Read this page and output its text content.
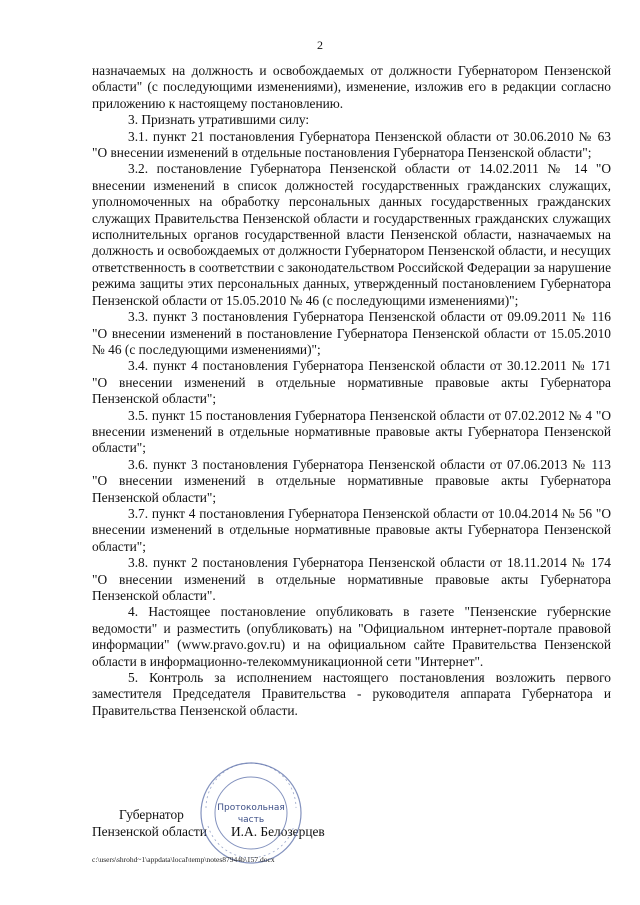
2

назначаемых на должность и освобождаемых от должности Губернатором Пензенской области" (с последующими изменениями), изменение, изложив его в редакции согласно приложению к настоящему постановлению.

3. Признать утратившими силу:

3.1. пункт 21 постановления Губернатора Пензенской области от 30.06.2010 № 63 "О внесении изменений в отдельные постановления Губернатора Пензенской области";

3.2. постановление Губернатора Пензенской области от 14.02.2011 № 14 "О внесении изменений в список должностей государственных гражданских служащих, уполномоченных на обработку персональных данных государственных гражданских служащих Правительства Пензенской области и государственных гражданских служащих исполнительных органов государственной власти Пензенской области, назначаемых на должность и освобождаемых от должности Губернатором Пензенской области, и несущих ответственность в соответствии с законодательством Российской Федерации за нарушение режима защиты этих персональных данных, утвержденный постановлением Губернатора Пензенской области от 15.05.2010 № 46 (с последующими изменениями)";

3.3. пункт 3 постановления Губернатора Пензенской области от 09.09.2011 № 116 "О внесении изменений в постановление Губернатора Пензенской области от 15.05.2010 № 46 (с последующими изменениями)";

3.4. пункт 4 постановления Губернатора Пензенской области от 30.12.2011 № 171 "О внесении изменений в отдельные нормативные правовые акты Губернатора Пензенской области";

3.5. пункт 15 постановления Губернатора Пензенской области от 07.02.2012 № 4 "О внесении изменений в отдельные нормативные правовые акты Губернатора Пензенской области";

3.6. пункт 3 постановления Губернатора Пензенской области от 07.06.2013 № 113 "О внесении изменений в отдельные нормативные правовые акты Губернатора Пензенской области";

3.7. пункт 4 постановления Губернатора Пензенской области от 10.04.2014 № 56 "О внесении изменений в отдельные нормативные правовые акты Губернатора Пензенской области";

3.8. пункт 2 постановления Губернатора Пензенской области от 18.11.2014 № 174 "О внесении изменений в отдельные нормативные правовые акты Губернатора Пензенской области".

4. Настоящее постановление опубликовать в газете "Пензенские губернские ведомости" и разместить (опубликовать) на "Официальном интернет-портале правовой информации" (www.pravo.gov.ru) и на официальном сайте Правительства Пензенской области в информационно-телекоммуникационной сети "Интернет".

5. Контроль за исполнением настоящего постановления возложить первого заместителя Председателя Правительства - руководителя аппарата Губернатора и Правительства Пензенской области.

Губернатор
Пензенской области И.А. Белозерцев
Протокольная
часть
c:\users\shrohd~1\appdata\local\temp\notes87944b\157.docx
